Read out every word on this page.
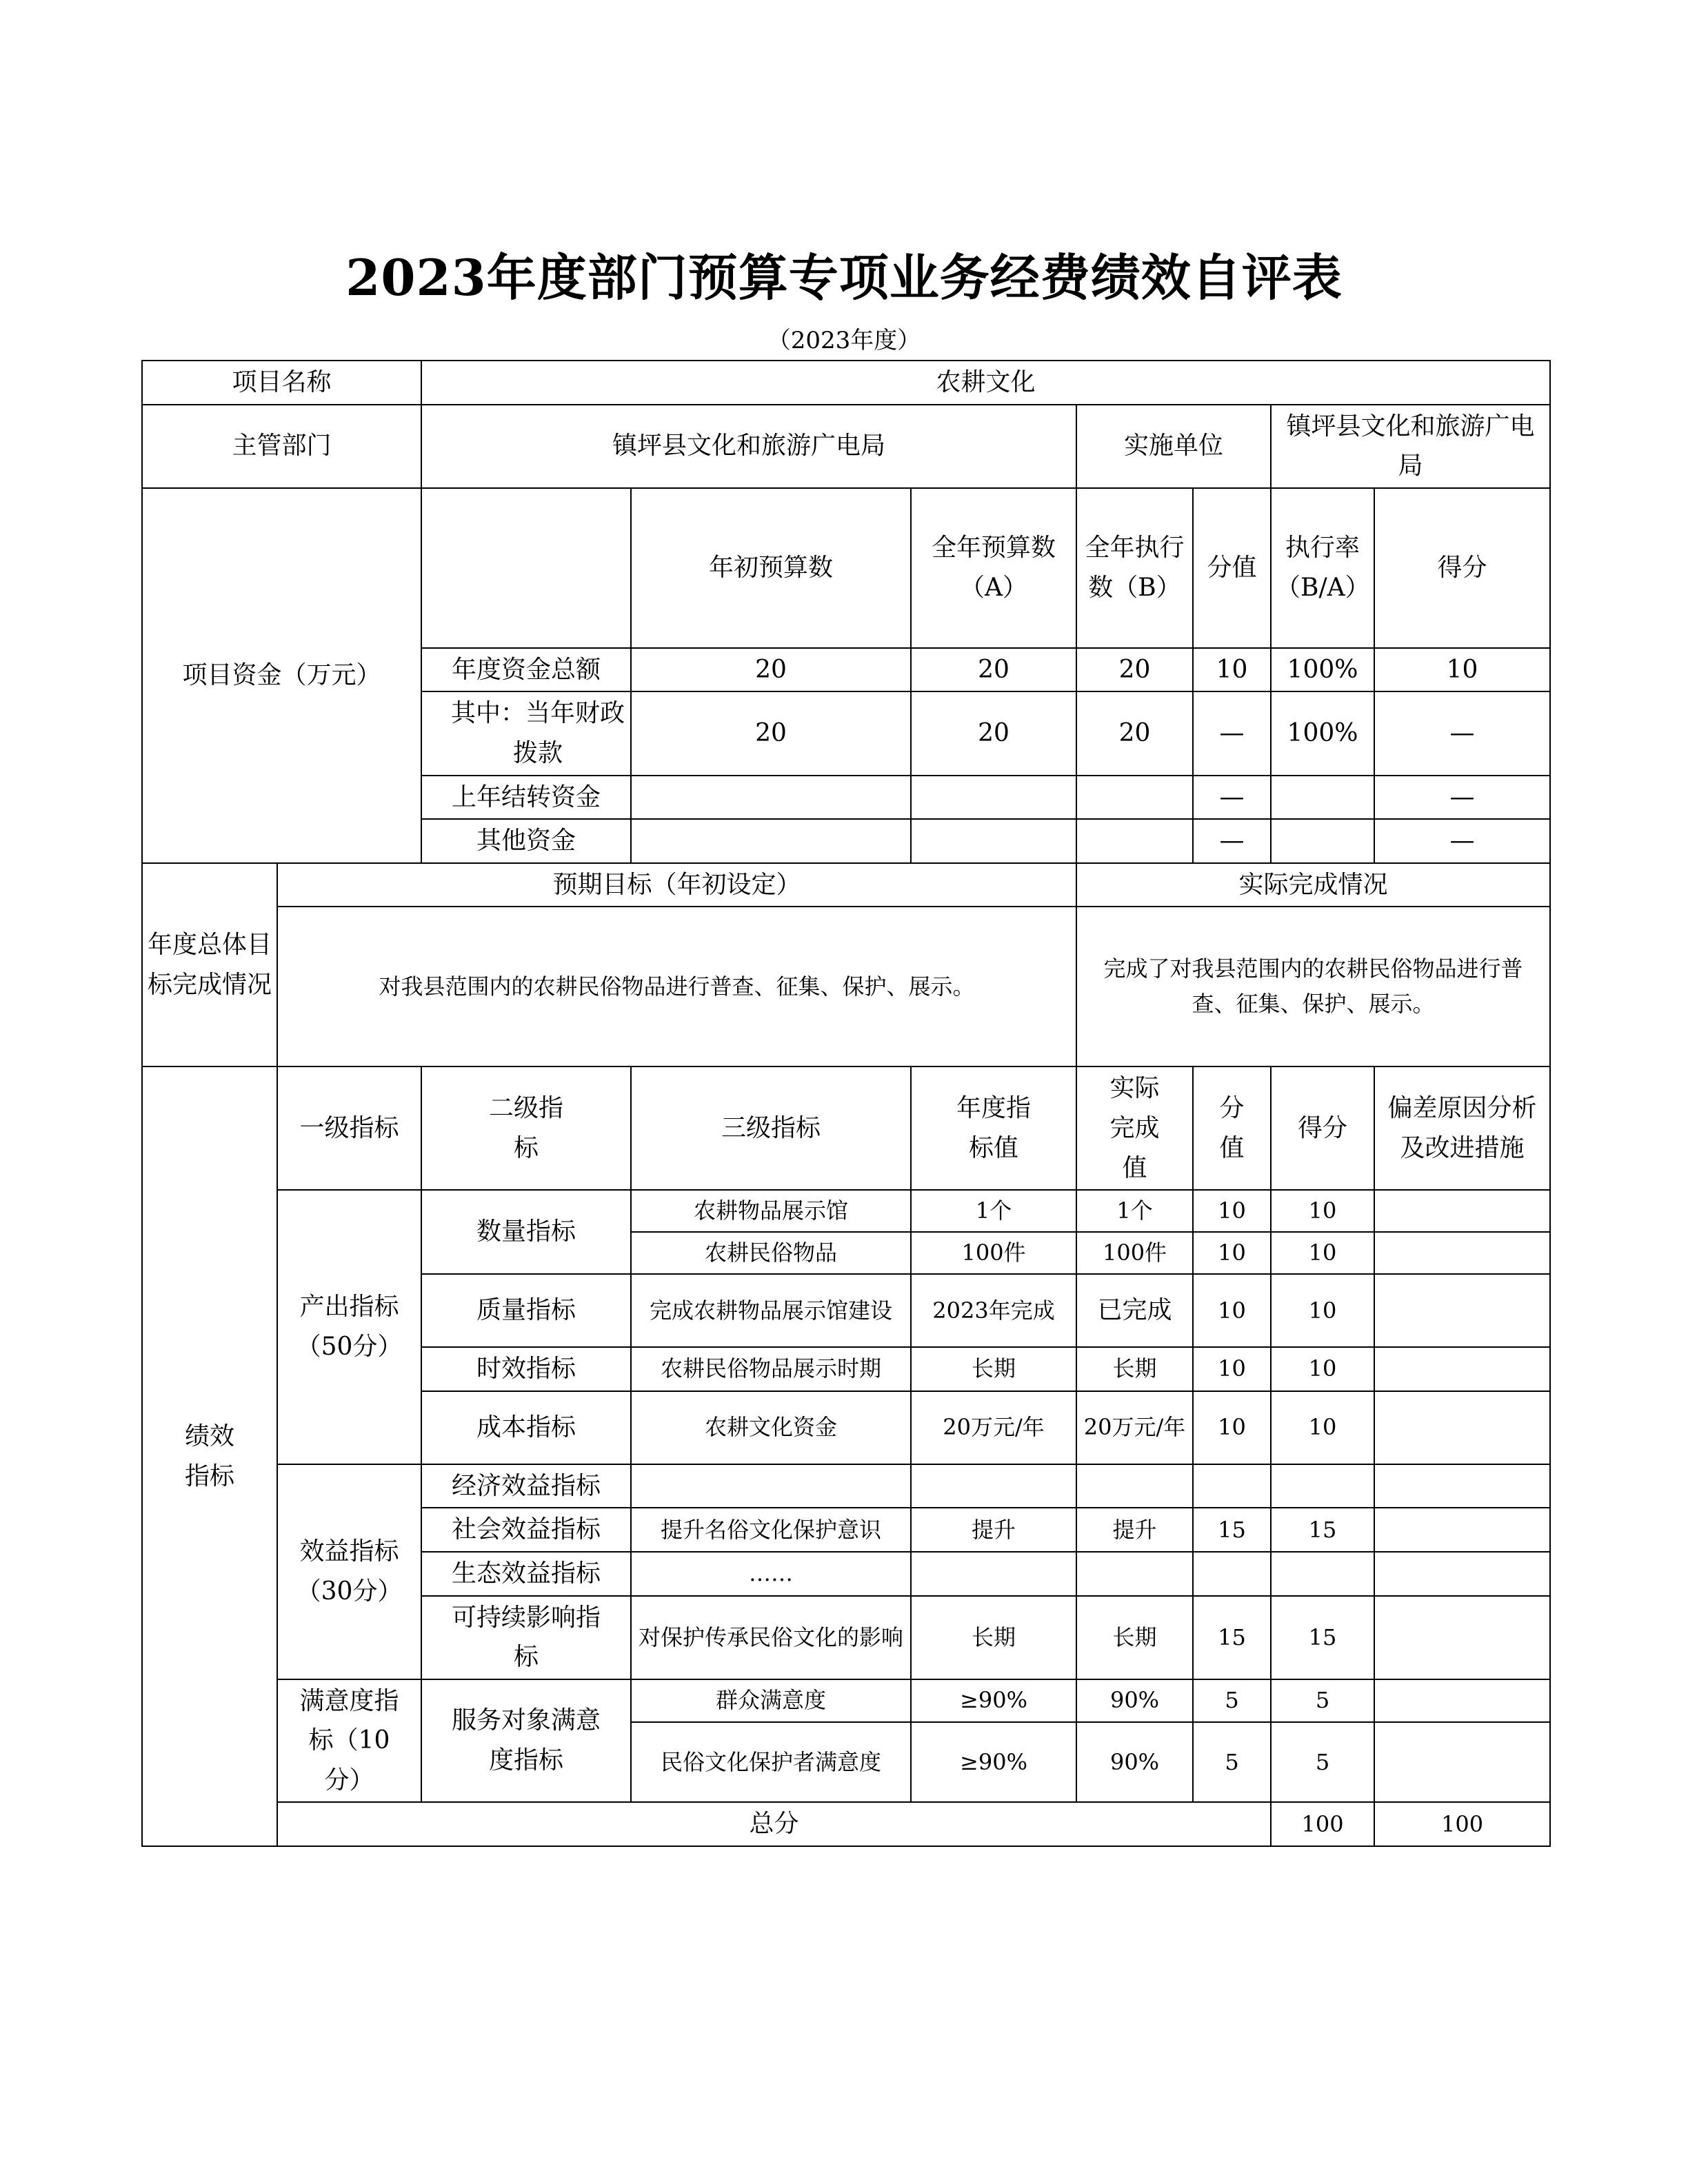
2023年度部门预算专项业务经费绩效自评表
（2023年度）
项目名称		农耕文化							
主管部门		镇坪县文化和旅游广电局			实施单位		镇坪县文化和旅游广电局		
项目资金（万元）			年初预算数	全年预算数（A）	全年执行数（B）	分值	执行率（B/A）	得分	
		年度资金总额	20	20	20	10	100%	10	
		其中：当年财政拨款	20	20	20	—	100%	—	
		上年结转资金				—		—	
		其他资金				—		—	
年度总体目标完成情况	预期目标（年初设定）				实际完成情况				
	对我县范围内的农耕民俗物品进行普查、征集、保护、展示。				完成了对我县范围内的农耕民俗物品进行普查、征集、保护、展示。				
绩效指标	一级指标	二级指标	三级指标	年度指标值	实际完成值	分值	得分	偏差原因分析及改进措施	
	产出指标（50分）	数量指标	农耕物品展示馆	1个	1个	10	10		
			农耕民俗物品	100件	100件	10	10		
		质量指标	完成农耕物品展示馆建设	2023年完成	已完成	10	10		
		时效指标	农耕民俗物品展示时期	长期	长期	10	10		
		成本指标	农耕文化资金	20万元/年	20万元/年	10	10		
	效益指标（30分）	经济效益指标							
		社会效益指标	提升名俗文化保护意识	提升	提升	15	15		
		生态效益指标	……						
		可持续影响指标	对保护传承民俗文化的影响	长期	长期	15	15		
	满意度指标（10分）	服务对象满意度指标	群众满意度	≥90%	90%	5	5		
			民俗文化保护者满意度	≥90%	90%	5	5		
	总分						100	100	
